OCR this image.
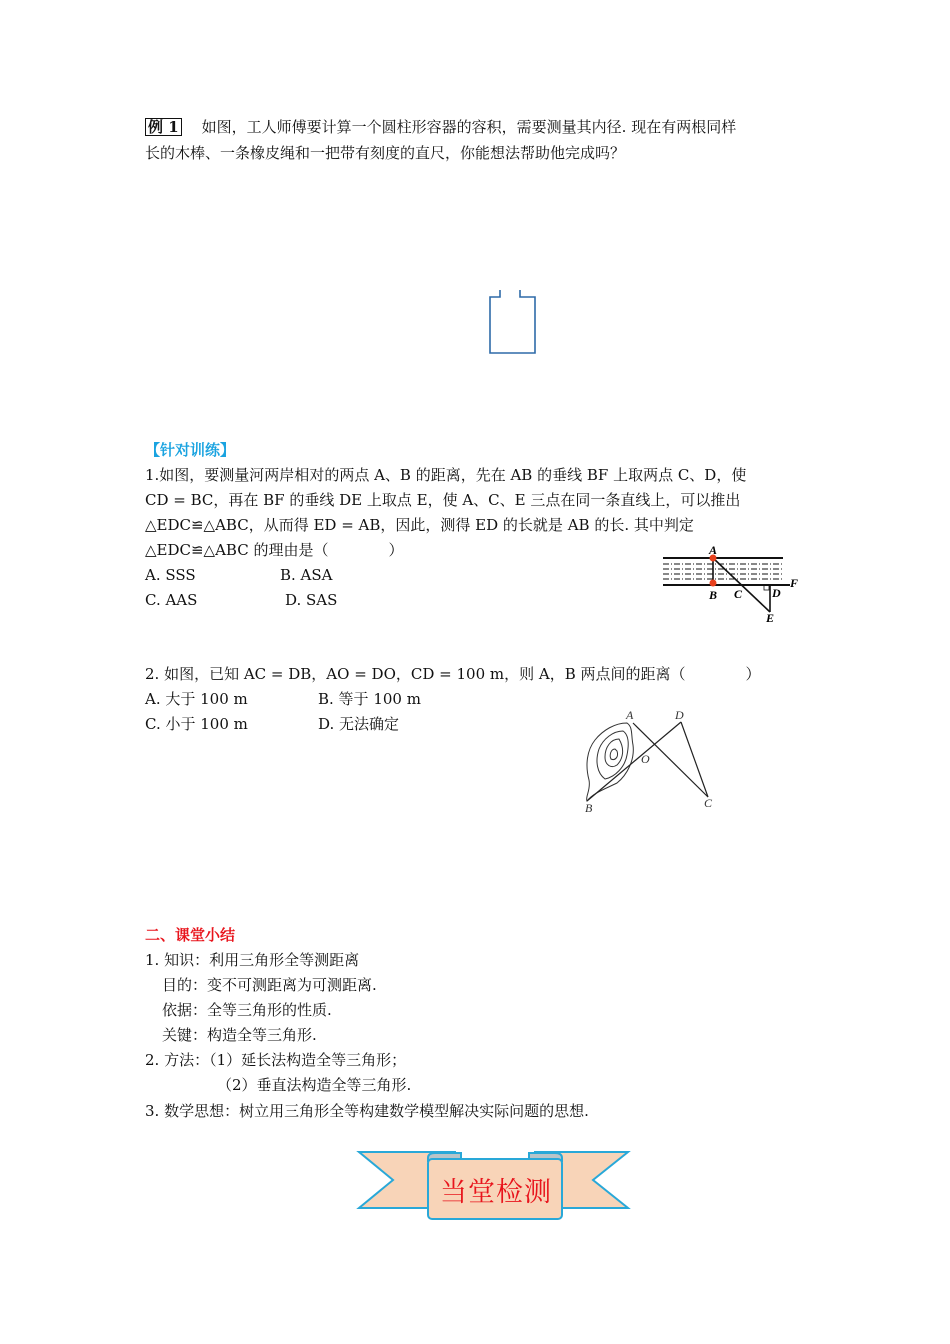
例 1 如图，工人师傅要计算一个圆柱形容器的容积，需要测量其内径. 现在有两根同样
长的木棒、一条橡皮绳和一把带有刻度的直尺，你能想法帮助他完成吗？
【针对训练】
1.如图，要测量河两岸相对的两点 A、B 的距离，先在 AB 的垂线 BF 上取两点 C、D，使
CD = BC，再在 BF 的垂线 DE 上取点 E，使 A、C、E 三点在同一条直线上，可以推出
△EDC≌△ABC，从而得 ED = AB，因此，测得 ED 的长就是 AB 的长. 其中判定
△EDC≌△ABC 的理由是（　　　　）
A. SSS	B. ASA
C. AAS	D. SAS
A
B C D
E
F
2. 如图，已知 AC = DB，AO = DO，CD = 100 m，则 A，B 两点间的距离（　　　　）
A. 大于 100 m	B. 等于 100 m
C. 小于 100 m	D. 无法确定	A	D
O
B	C
二、课堂小结
1. 知识：利用三角形全等测距离
目的：变不可测距离为可测距离.
依据：全等三角形的性质.
关键：构造全等三角形.
2. 方法：（1）延长法构造全等三角形；
（2）垂直法构造全等三角形.
3. 数学思想：树立用三角形全等构建数学模型解决实际问题的思想.
当堂检测
